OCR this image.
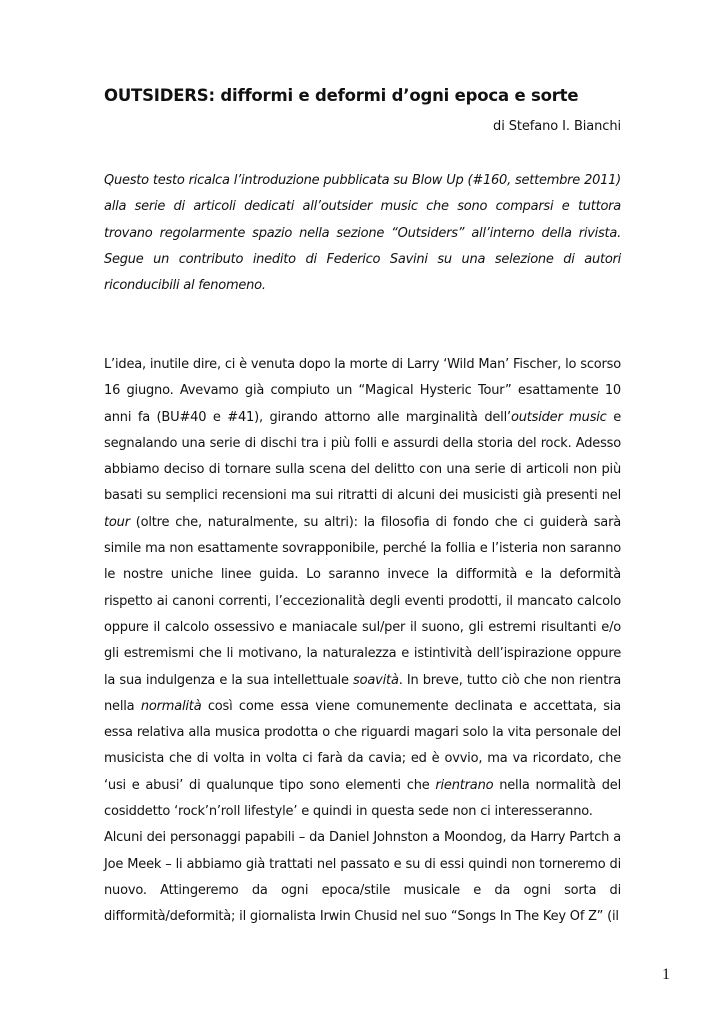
OUTSIDERS: difformi e deformi d’ogni epoca e sorte
di Stefano I. Bianchi

Questo testo ricalca l’introduzione pubblicata su Blow Up (#160, settembre 2011) alla serie di articoli dedicati all’outsider music che sono comparsi e tuttora trovano regolarmente spazio nella sezione “Outsiders” all’interno della rivista. Segue un contributo inedito di Federico Savini su una selezione di autori riconducibili al fenomeno.

L’idea, inutile dire, ci è venuta dopo la morte di Larry ‘Wild Man’ Fischer, lo scorso 16 giugno. Avevamo già compiuto un “Magical Hysteric Tour” esattamente 10 anni fa (BU#40 e #41), girando attorno alle marginalità dell’outsider music e segnalando una serie di dischi tra i più folli e assurdi della storia del rock. Adesso abbiamo deciso di tornare sulla scena del delitto con una serie di articoli non più basati su semplici recensioni ma sui ritratti di alcuni dei musicisti già presenti nel tour (oltre che, naturalmente, su altri): la filosofia di fondo che ci guiderà sarà simile ma non esattamente sovrapponibile, perché la follia e l’isteria non saranno le nostre uniche linee guida. Lo saranno invece la difformità e la deformità rispetto ai canoni correnti, l’eccezionalità degli eventi prodotti, il mancato calcolo oppure il calcolo ossessivo e maniacale sul/per il suono, gli estremi risultanti e/o gli estremismi che li motivano, la naturalezza e istintività dell’ispirazione oppure la sua indulgenza e la sua intellettuale soavità. In breve, tutto ciò che non rientra nella normalità così come essa viene comunemente declinata e accettata, sia essa relativa alla musica prodotta o che riguardi magari solo la vita personale del musicista che di volta in volta ci farà da cavia; ed è ovvio, ma va ricordato, che ‘usi e abusi’ di qualunque tipo sono elementi che rientrano nella normalità del cosiddetto ‘rock’n’roll lifestyle’ e quindi in questa sede non ci interesseranno.

Alcuni dei personaggi papabili – da Daniel Johnston a Moondog, da Harry Partch a Joe Meek – li abbiamo già trattati nel passato e su di essi quindi non torneremo di nuovo. Attingeremo da ogni epoca/stile musicale e da ogni sorta di difformità/deformità; il giornalista Irwin Chusid nel suo “Songs In The Key Of Z” (il

1
